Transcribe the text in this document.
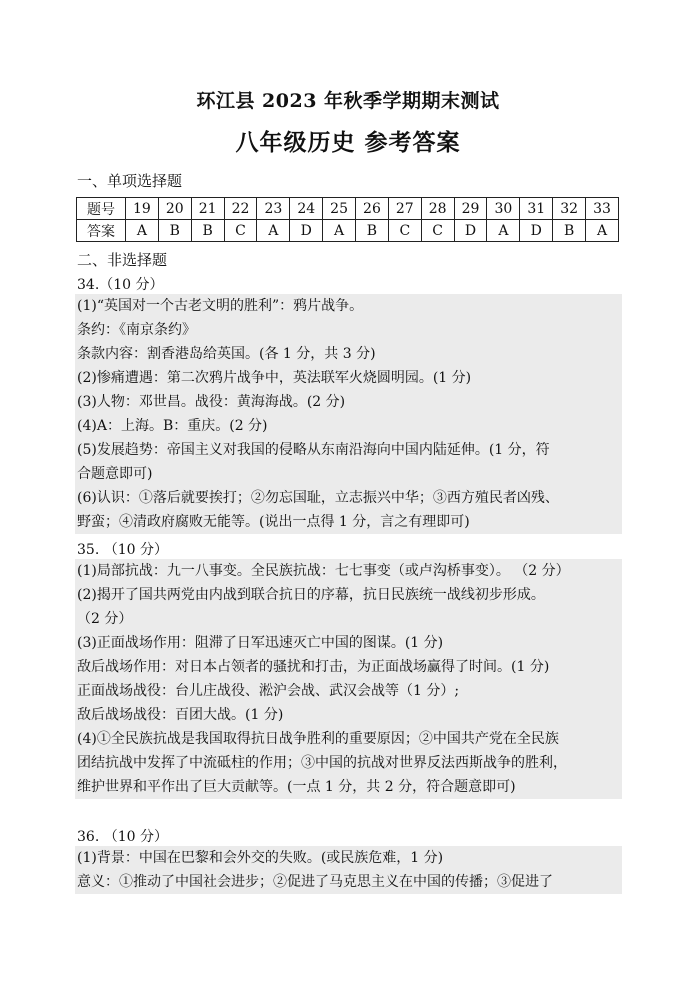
环江县 2023 年秋季学期期末测试
八年级历史 参考答案
一、单项选择题
题号	19	20	21	22	23	24	25	26	27	28	29	30	31	32	33
答案	A	B	B	C	A	D	A	B	C	C	D	A	D	B	A
二、非选择题
34.（10 分）
(1)“英国对一个古老文明的胜利”：鸦片战争。
条约：《南京条约》
条款内容：割香港岛给英国。(各 1 分，共 3 分)
(2)惨痛遭遇：第二次鸦片战争中，英法联军火烧圆明园。(1 分)
(3)人物：邓世昌。战役：黄海海战。(2 分)
(4)A：上海。B：重庆。(2 分)
(5)发展趋势：帝国主义对我国的侵略从东南沿海向中国内陆延伸。(1 分，符
合题意即可)
(6)认识：①落后就要挨打；②勿忘国耻，立志振兴中华；③西方殖民者凶残、
野蛮；④清政府腐败无能等。(说出一点得 1 分，言之有理即可)
35. （10 分）
(1)局部抗战：九一八事变。全民族抗战：七七事变（或卢沟桥事变）。 （2 分）
(2)揭开了国共两党由内战到联合抗日的序幕，抗日民族统一战线初步形成。
（2 分）
(3)正面战场作用：阻滞了日军迅速灭亡中国的图谋。(1 分)
敌后战场作用：对日本占领者的骚扰和打击，为正面战场赢得了时间。(1 分)
正面战场战役：台儿庄战役、淞沪会战、武汉会战等（1 分）;
敌后战场战役：百团大战。(1 分)
(4)①全民族抗战是我国取得抗日战争胜利的重要原因；②中国共产党在全民族
团结抗战中发挥了中流砥柱的作用；③中国的抗战对世界反法西斯战争的胜利，
维护世界和平作出了巨大贡献等。(一点 1 分，共 2 分，符合题意即可)
36. （10 分）
(1)背景：中国在巴黎和会外交的失败。(或民族危难，1 分)
意义：①推动了中国社会进步；②促进了马克思主义在中国的传播；③促进了
